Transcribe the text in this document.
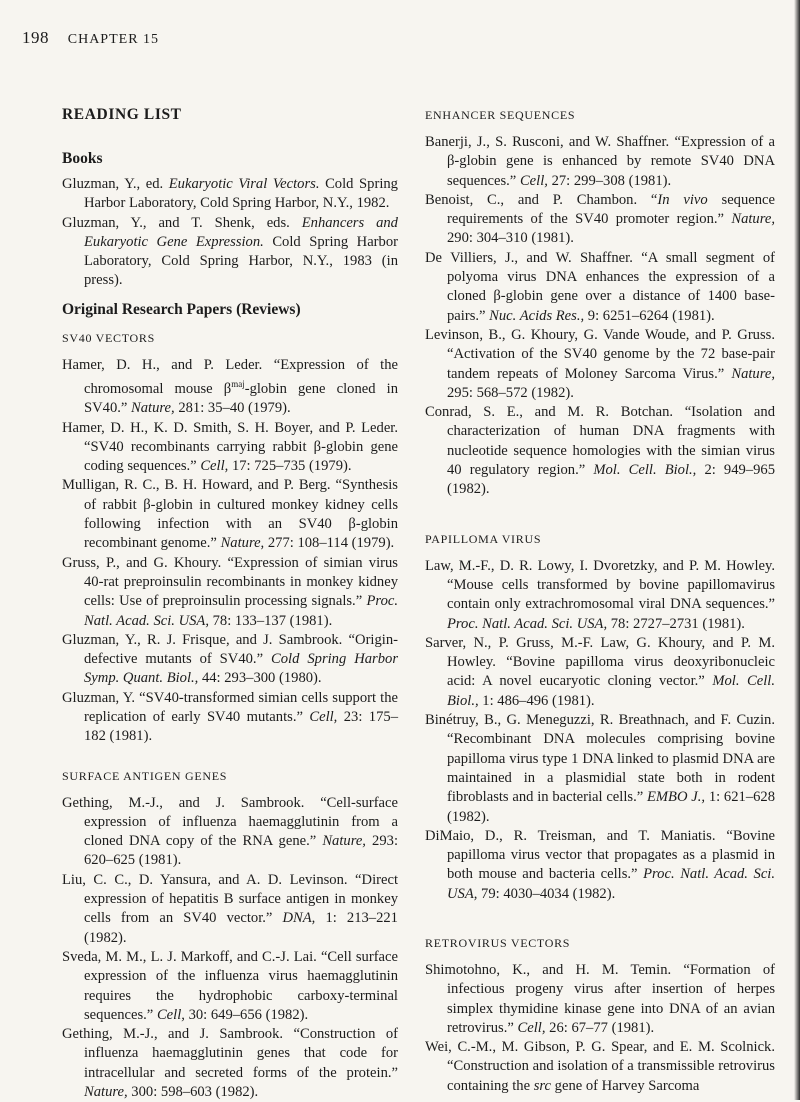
198 CHAPTER 15
READING LIST
Books

Gluzman, Y., ed. Eukaryotic Viral Vectors. Cold Spring Harbor Laboratory, Cold Spring Harbor, N.Y., 1982.

Gluzman, Y., and T. Shenk, eds. Enhancers and Eukaryotic Gene Expression. Cold Spring Harbor Laboratory, Cold Spring Harbor, N.Y., 1983 (in press).

Original Research Papers (Reviews)
SV40 VECTORS

Hamer, D. H., and P. Leder. “Expression of the chromosomal mouse $\beta^{maj}$-globin gene cloned in SV40.” Nature, 281: 35–40 (1979).

Hamer, D. H., K. D. Smith, S. H. Boyer, and P. Leder. “SV40 recombinants carrying rabbit β-globin gene coding sequences.” Cell, 17: 725–735 (1979).

Mulligan, R. C., B. H. Howard, and P. Berg. “Synthesis of rabbit β-globin in cultured monkey kidney cells following infection with an SV40 β-globin recombinant genome.” Nature, 277: 108–114 (1979).

Gruss, P., and G. Khoury. “Expression of simian virus 40-rat preproinsulin recombinants in monkey kidney cells: Use of preproinsulin processing signals.” Proc. Natl. Acad. Sci. USA, 78: 133–137 (1981).

Gluzman, Y., R. J. Frisque, and J. Sambrook. “Origin-defective mutants of SV40.” Cold Spring Harbor Symp. Quant. Biol., 44: 293–300 (1980).

Gluzman, Y. “SV40-transformed simian cells support the replication of early SV40 mutants.” Cell, 23: 175–182 (1981).

SURFACE ANTIGEN GENES

Gething, M.-J., and J. Sambrook. “Cell-surface expression of influenza haemagglutinin from a cloned DNA copy of the RNA gene.” Nature, 293: 620–625 (1981).

Liu, C. C., D. Yansura, and A. D. Levinson. “Direct expression of hepatitis B surface antigen in monkey cells from an SV40 vector.” DNA, 1: 213–221 (1982).

Sveda, M. M., L. J. Markoff, and C.-J. Lai. “Cell surface expression of the influenza virus haemagglutinin requires the hydrophobic carboxy-terminal sequences.” Cell, 30: 649–656 (1982).

Gething, M.-J., and J. Sambrook. “Construction of influenza haemagglutinin genes that code for intracellular and secreted forms of the protein.” Nature, 300: 598–603 (1982).

ENHANCER SEQUENCES

Banerji, J., S. Rusconi, and W. Shaffner. “Expression of a β-globin gene is enhanced by remote SV40 DNA sequences.” Cell, 27: 299–308 (1981).

Benoist, C., and P. Chambon. “In vivo sequence requirements of the SV40 promoter region.” Nature, 290: 304–310 (1981).

De Villiers, J., and W. Shaffner. “A small segment of polyoma virus DNA enhances the expression of a cloned β-globin gene over a distance of 1400 base-pairs.” Nuc. Acids Res., 9: 6251–6264 (1981).

Levinson, B., G. Khoury, G. Vande Woude, and P. Gruss. “Activation of the SV40 genome by the 72 base-pair tandem repeats of Moloney Sarcoma Virus.” Nature, 295: 568–572 (1982).

Conrad, S. E., and M. R. Botchan. “Isolation and characterization of human DNA fragments with nucleotide sequence homologies with the simian virus 40 regulatory region.” Mol. Cell. Biol., 2: 949–965 (1982).

PAPILLOMA VIRUS

Law, M.-F., D. R. Lowy, I. Dvoretzky, and P. M. Howley. “Mouse cells transformed by bovine papillomavirus contain only extrachromosomal viral DNA sequences.” Proc. Natl. Acad. Sci. USA, 78: 2727–2731 (1981).

Sarver, N., P. Gruss, M.-F. Law, G. Khoury, and P. M. Howley. “Bovine papilloma virus deoxyribonucleic acid: A novel eucaryotic cloning vector.” Mol. Cell. Biol., 1: 486–496 (1981).

Binétruy, B., G. Meneguzzi, R. Breathnach, and F. Cuzin. “Recombinant DNA molecules comprising bovine papilloma virus type 1 DNA linked to plasmid DNA are maintained in a plasmidial state both in rodent fibroblasts and in bacterial cells.” EMBO J., 1: 621–628 (1982).

DiMaio, D., R. Treisman, and T. Maniatis. “Bovine papilloma virus vector that propagates as a plasmid in both mouse and bacteria cells.” Proc. Natl. Acad. Sci. USA, 79: 4030–4034 (1982).

RETROVIRUS VECTORS

Shimotohno, K., and H. M. Temin. “Formation of infectious progeny virus after insertion of herpes simplex thymidine kinase gene into DNA of an avian retrovirus.” Cell, 26: 67–77 (1981).

Wei, C.-M., M. Gibson, P. G. Spear, and E. M. Scolnick. “Construction and isolation of a transmissible retrovirus containing the src gene of Harvey Sarcoma
